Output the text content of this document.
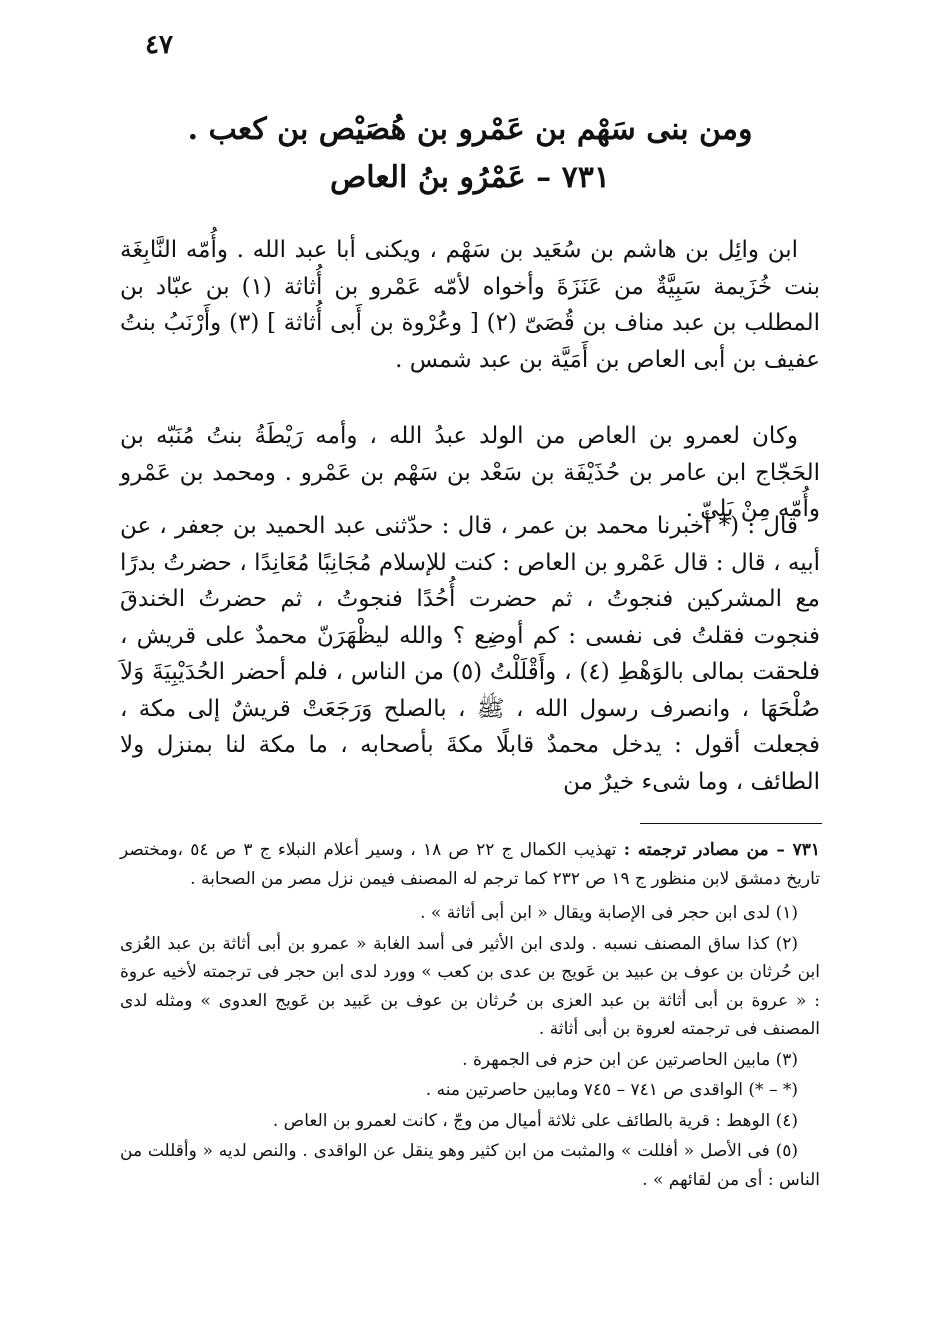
٤٧
ومن بنى سَهْم بن عَمْرو بن هُصَيْص بن كعب .
٧٣١ – عَمْرُو بنُ العاص

ابن وائِل بن هاشم بن سُعَيد بن سَهْم ، ويكنى أبا عبد الله . وأُمّه النَّابِغَة بنت خُزَيمة سَبِيَّةٌ من عَنَزَةَ وأخواه لأمّه عَمْرو بن أُثاثة (١) بن عبّاد بن المطلب بن عبد مناف بن قُصَىّ (٢) [ وعُرْوة بن أَبى أُثاثة ] (٣) وأَرْنَبُ بنتُ عفيف بن أبى العاص بن أَمَيَّة بن عبد شمس .

وكان لعمرو بن العاص من الولد عبدُ الله ، وأمه رَيْطَةُ بنتُ مُنَبّه بن الحَجّاج ابن عامر بن حُذَيْفَة بن سَعْد بن سَهْم بن عَمْرو . ومحمد بن عَمْرو وأُمّه مِنْ بَلِيّ .

قال : (* أخبرنا محمد بن عمر ، قال : حدّثنى عبد الحميد بن جعفر ، عن أبيه ، قال : قال عَمْرو بن العاص : كنت للإسلام مُجَانِبًا مُعَانِدًا ، حضرتُ بدرًا مع المشركين فنجوتُ ، ثم حضرت أُحُدًا فنجوتُ ، ثم حضرتُ الخندقَ فنجوت فقلتُ فى نفسى : كم أوضِع ؟ والله ليظْهَرَنّ محمدٌ على قريش ، فلحقت بمالى بالوَهْطِ (٤) ، وأَقْلَلْتُ (٥) من الناس ، فلم أحضر الحُدَيْبِيَةَ وَلاَ صُلْحَهَا ، وانصرف رسول الله ، ﷺ ، بالصلح وَرَجَعَتْ قريشٌ إلى مكة ، فجعلت أقول : يدخل محمدٌ قابلًا مكةَ بأصحابه ، ما مكة لنا بمنزل ولا الطائف ، وما شىء خيرٌ من

٧٣١ – من مصادر ترجمته : تهذيب الكمال ج ٢٢ ص ١٨ ، وسير أعلام النبلاء ج ٣ ص ٥٤ ،ومختصر تاريخ دمشق لابن منظور ج ١٩ ص ٢٣٢ كما ترجم له المصنف فيمن نزل مصر من الصحابة .

(١) لدى ابن حجر فى الإصابة ويقال « ابن أبى أثاثة » .

(٢) كذا ساق المصنف نسبه . ولدى ابن الأثير فى أسد الغابة « عمرو بن أبى أثاثة بن عبد العُزى ابن حُرثان بن عوف بن عبيد بن عَويج بن عدى بن كعب » وورد لدى ابن حجر فى ترجمته لأخيه عروة : « عروة بن أبى أثاثة بن عبد العزى بن حُرثان بن عوف بن عَبيد بن عَويج العدوى » ومثله لدى المصنف فى ترجمته لعروة بن أبى أثاثة .

(٣) مابين الحاصرتين عن ابن حزم فى الجمهرة .

(* – *) الواقدى ص ٧٤١ – ٧٤٥ ومابين حاصرتين منه .

(٤) الوهط : قرية بالطائف على ثلاثة أميال من وجّ ، كانت لعمرو بن العاص .

(٥) فى الأصل « أفللت » والمثبت من ابن كثير وهو ينقل عن الواقدى . والنص لديه « وأقللت من الناس : أى من لقائهم » .
